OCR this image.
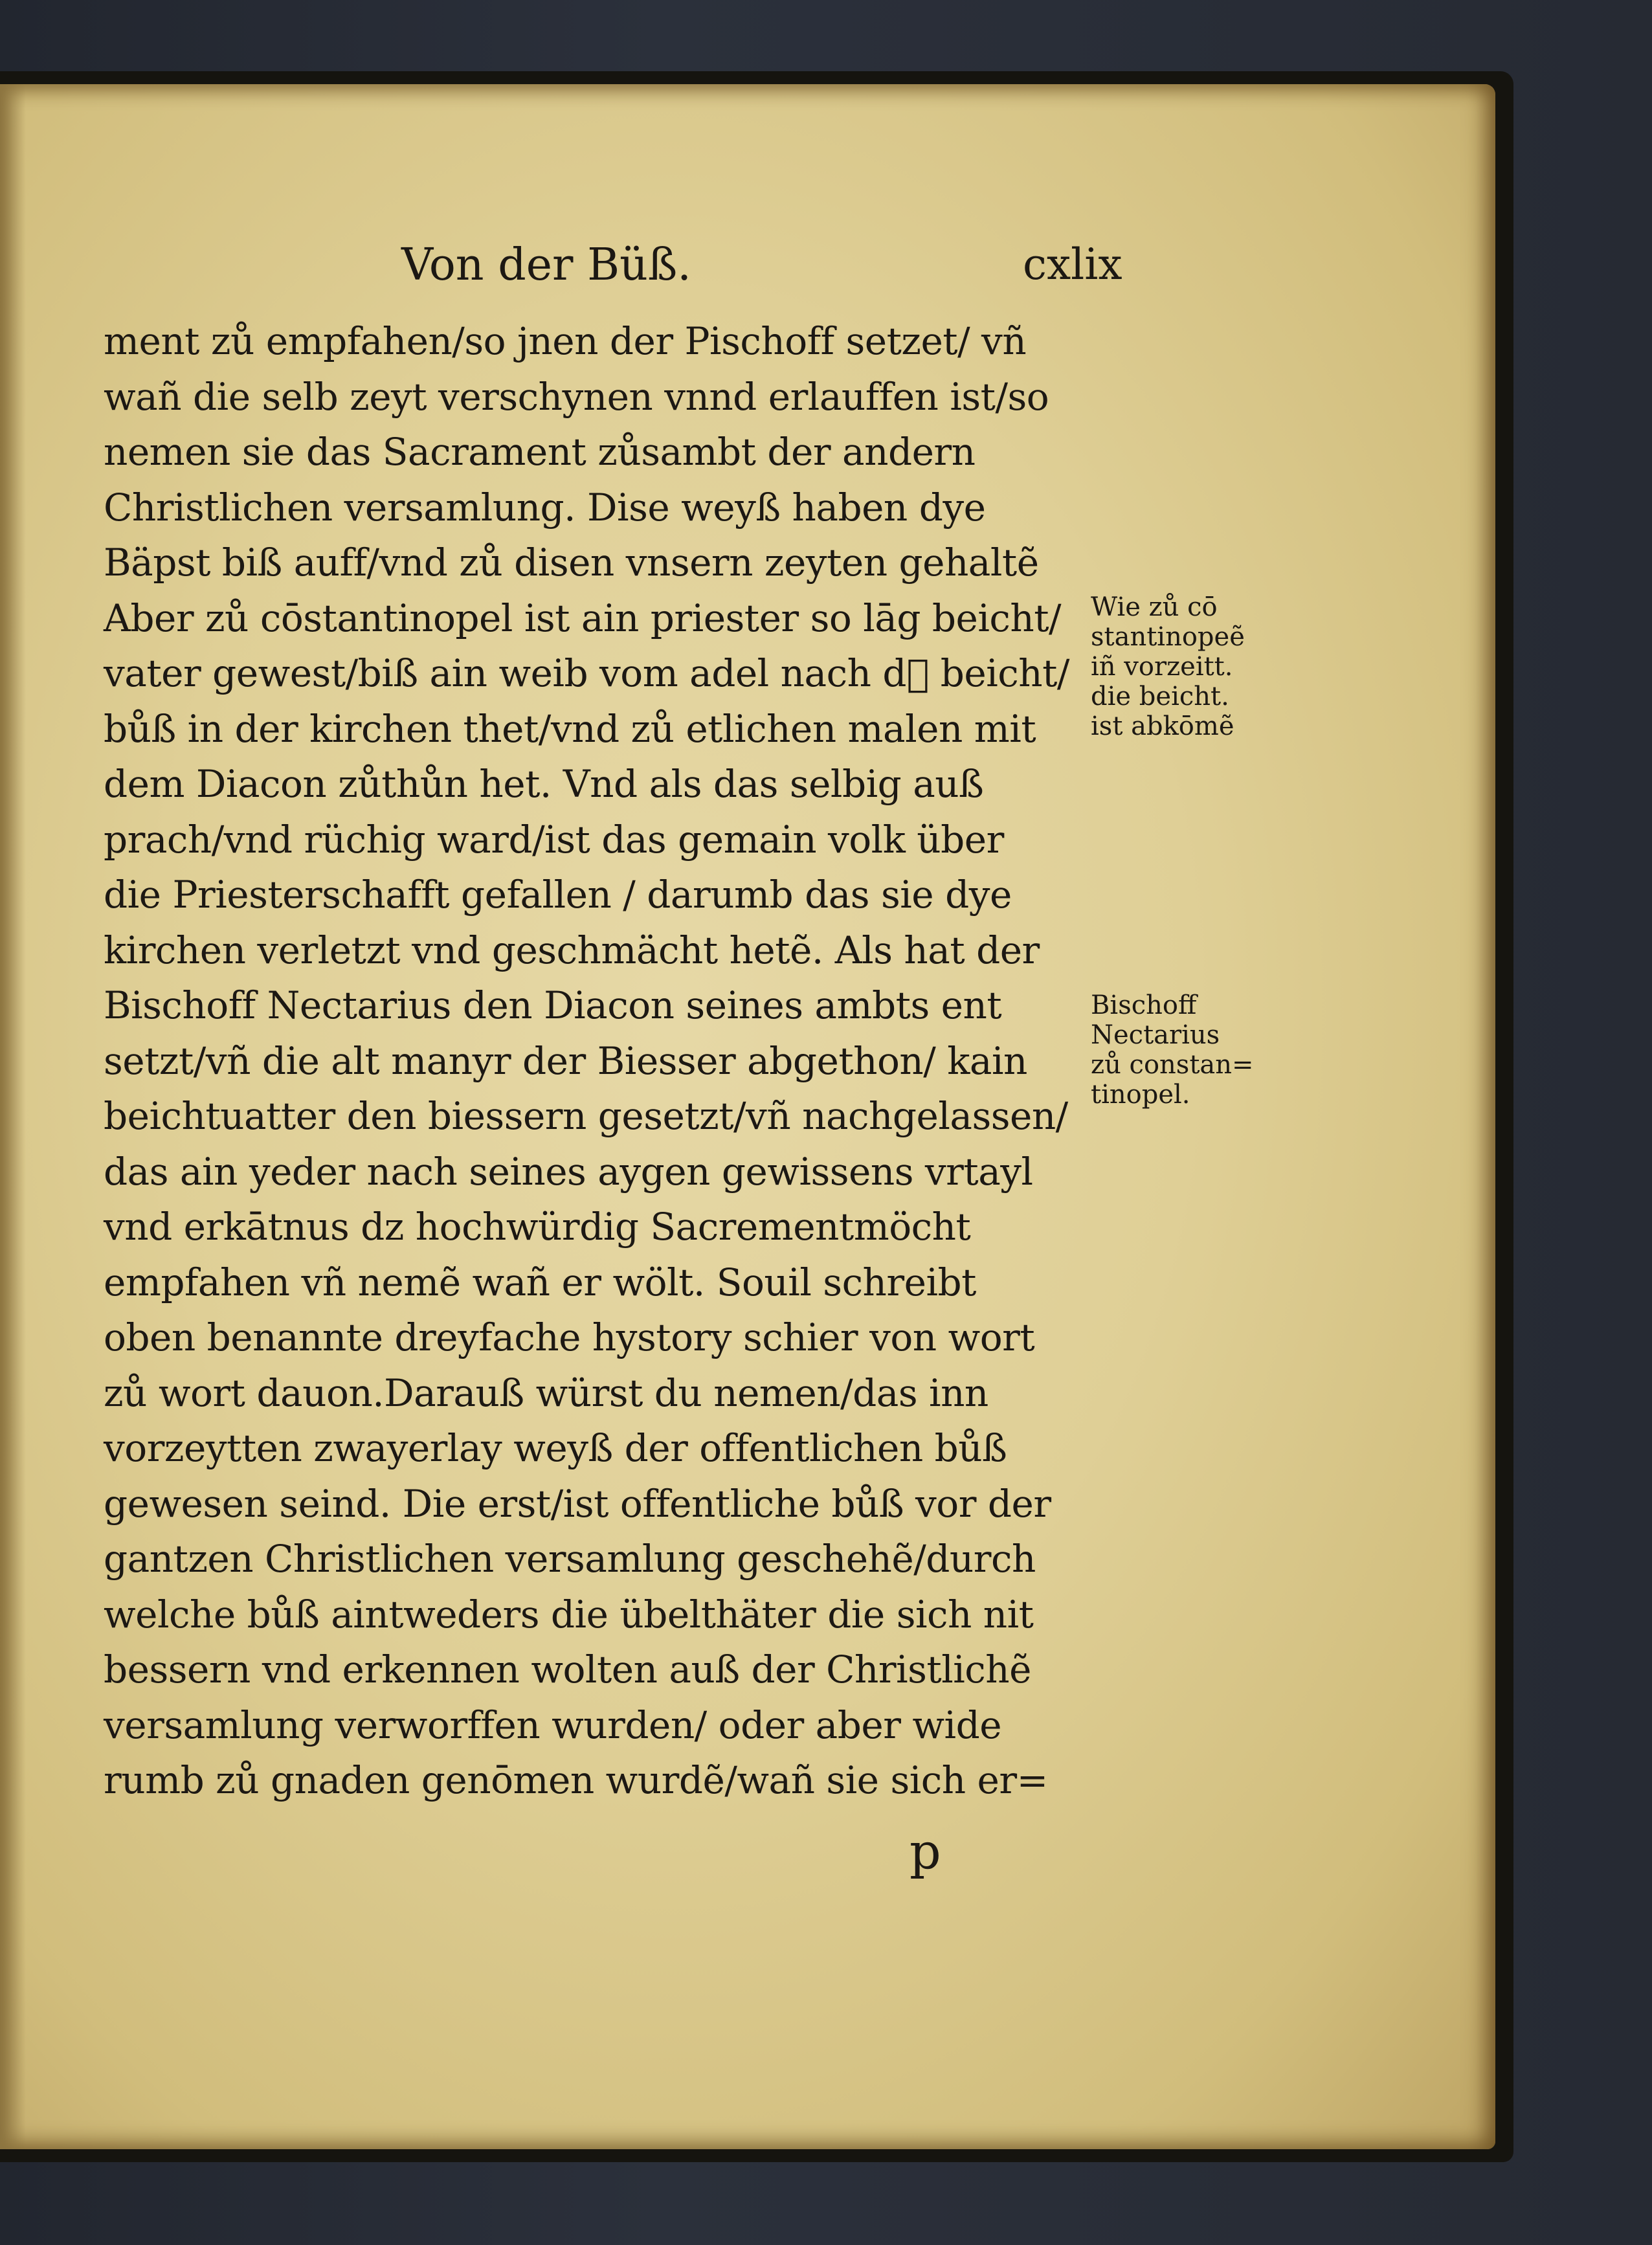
Von der Büß.	cxlix
ment zů empfahen/so jnen der Pischoff setzet/ vñ
wañ die selb zeyt verschynen vnnd erlauffen ist/so
nemen sie das Sacrament zůsambt der andern
Christlichen versamlung. Dise weyß haben dye
Bäpst biß auff/vnd zů disen vnsern zeyten gehaltẽ
Aber zů cōstantinopel ist ain priester so lāg beicht/
vater gewest/biß ain weib vom adel nach d᷑ beicht/
bůß in der kirchen thet/vnd zů etlichen malen mit
dem Diacon zůthůn het. Vnd als das selbig auß
prach/vnd rüchig ward/ist das gemain volk über
die Priesterschafft gefallen / darumb das sie dye
kirchen verletzt vnd geschmächt hetẽ. Als hat der
Bischoff Nectarius den Diacon seines ambts ent
setzt/vñ die alt manyr der Biesser abgethon/ kain
beichtuatter den biessern gesetzt/vñ nachgelassen/
das ain yeder nach seines aygen gewissens vrtayl
vnd erkātnus dz hochwürdig Sacrementmöcht
empfahen vñ nemẽ wañ er wölt. Souil schreibt
oben benannte dreyfache hystory schier von wort
zů wort dauon.Darauß würst du nemen/das inn
vorzeytten zwayerlay weyß der offentlichen bůß
gewesen seind. Die erst/ist offentliche bůß vor der
gantzen Christlichen versamlung geschehẽ/durch
welche bůß aintweders die übelthäter die sich nit
bessern vnd erkennen wolten auß der Christlichẽ
versamlung verworffen wurden/ oder aber wide
rumb zů gnaden genōmen wurdẽ/wañ sie sich er=
Wie zů cō
stantinopeẽ
iñ vorzeitt.
die beicht.
ist abkōmẽ
Bischoff
Nectarius
zů constan=
tinopel.
p
